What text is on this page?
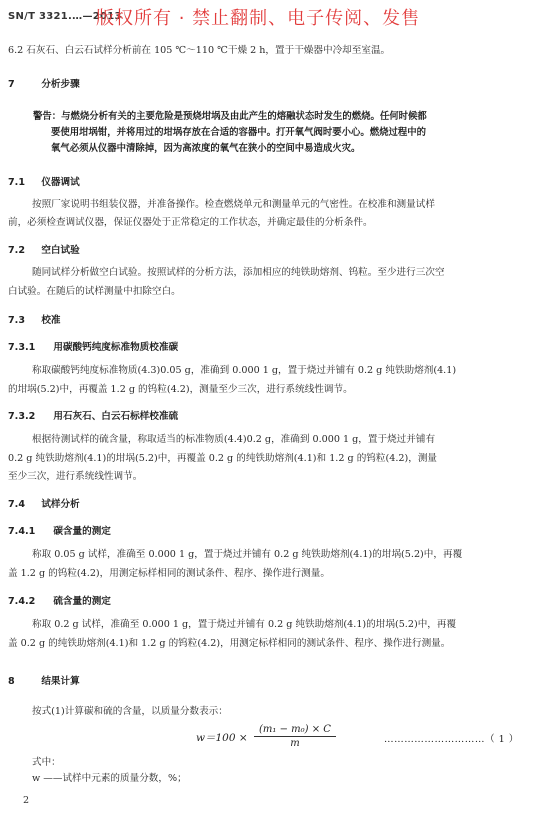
SN/T 3321.…—2013
版权所有 · 禁止翻制、电子传阅、发售
6.2 石灰石、白云石试样分析前在 105 ℃～110 ℃干燥 2 h，置于干燥器中冷却至室温。
7	分析步骤
警告：与燃烧分析有关的主要危险是预烧坩埚及由此产生的熔融状态时发生的燃烧。任何时候都
要使用坩埚钳，并将用过的坩埚存放在合适的容器中。打开氧气阀时要小心。燃烧过程中的
氧气必须从仪器中清除掉，因为高浓度的氧气在狭小的空间中易造成火灾。
7.1 仪器调试
按照厂家说明书组装仪器，并准备操作。检查燃烧单元和测量单元的气密性。在校准和测量试样
前，必须检查调试仪器，保证仪器处于正常稳定的工作状态，并确定最佳的分析条件。
7.2 空白试验
随同试样分析做空白试验。按照试样的分析方法，添加相应的纯铁助熔剂、钨粒。至少进行三次空
白试验。在随后的试样测量中扣除空白。
7.3 校准
7.3.1 用碳酸钙纯度标准物质校准碳
称取碳酸钙纯度标准物质(4.3)0.05 g，准确到 0.000 1 g，置于烧过并铺有 0.2 g 纯铁助熔剂(4.1)
的坩埚(5.2)中，再覆盖 1.2 g 的钨粒(4.2)，测量至少三次，进行系统线性调节。
7.3.2 用石灰石、白云石标样校准硫
根据待测试样的硫含量，称取适当的标准物质(4.4)0.2 g，准确到 0.000 1 g，置于烧过并铺有
0.2 g 纯铁助熔剂(4.1)的坩埚(5.2)中，再覆盖 0.2 g 的纯铁助熔剂(4.1)和 1.2 g 的钨粒(4.2)，测量
至少三次，进行系统线性调节。
7.4 试样分析
7.4.1 碳含量的测定
称取 0.05 g 试样，准确至 0.000 1 g，置于烧过并铺有 0.2 g 纯铁助熔剂(4.1)的坩埚(5.2)中，再覆
盖 1.2 g 的钨粒(4.2)，用测定标样相同的测试条件、程序、操作进行测量。
7.4.2 硫含量的测定
称取 0.2 g 试样，准确至 0.000 1 g，置于烧过并铺有 0.2 g 纯铁助熔剂(4.1)的坩埚(5.2)中，再覆
盖 0.2 g 的纯铁助熔剂(4.1)和 1.2 g 的钨粒(4.2)，用测定标样相同的测试条件、程序、操作进行测量。
8	结果计算
按式(1)计算碳和硫的含量，以质量分数表示：
w＝100 ×
(m₁ − m₀) × C
m	…………………………（ 1 ）
式中：
w ——试样中元素的质量分数，%；
2
